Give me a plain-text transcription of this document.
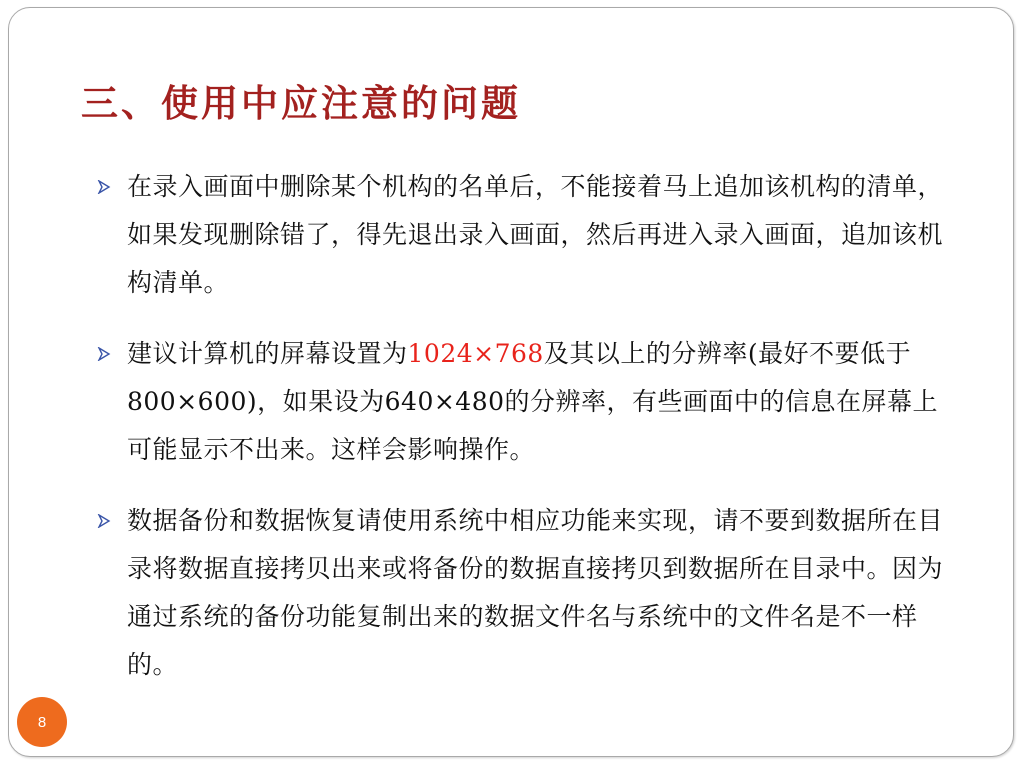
三、使用中应注意的问题
在录入画面中删除某个机构的名单后，不能接着马上追加该机构的清单，如果发现删除错了，得先退出录入画面，然后再进入录入画面，追加该机构清单。
建议计算机的屏幕设置为1024×768及其以上的分辨率(最好不要低于800×600)，如果设为640×480的分辨率，有些画面中的信息在屏幕上可能显示不出来。这样会影响操作。
数据备份和数据恢复请使用系统中相应功能来实现，请不要到数据所在目录将数据直接拷贝出来或将备份的数据直接拷贝到数据所在目录中。因为通过系统的备份功能复制出来的数据文件名与系统中的文件名是不一样的。
8
